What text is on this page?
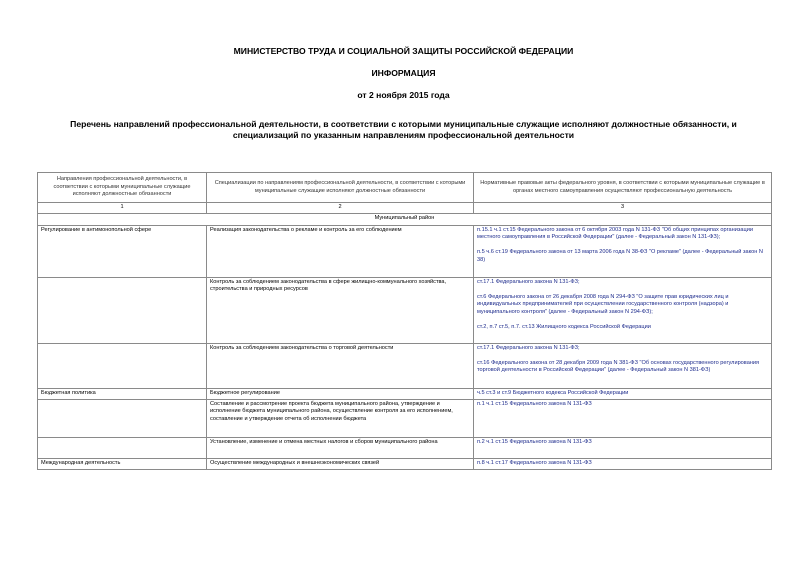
МИНИСТЕРСТВО ТРУДА И СОЦИАЛЬНОЙ ЗАЩИТЫ РОССИЙСКОЙ ФЕДЕРАЦИИ
ИНФОРМАЦИЯ
от 2 ноября 2015 года
Перечень направлений профессиональной деятельности, в соответствии с которыми муниципальные служащие исполняют должностные обязанности, и специализаций по указанным направлениям профессиональной деятельности
Направления профессиональной деятельности, в соответствии с которыми муниципальные служащие исполняют должностные обязанности	Специализации по направлениям профессиональной деятельности, в соответствии с которыми муниципальные служащие исполняют должностные обязанности	Нормативные правовые акты федерального уровня, в соответствии с которыми муниципальные служащие в органах местного самоуправления осуществляют профессиональную деятельность
1	2	3
Муниципальный район		
Регулирование в антимонопольной сфере	Реализация законодательства о рекламе и контроль за его соблюдением	п.15.1 ч.1 ст.15 Федерального закона от 6 октября 2003 года N 131-ФЗ "Об общих принципах организации местного самоуправления в Российской Федерации" (далее - Федеральный закон N 131-ФЗ);
п.5 ч.6 ст.19 Федерального закона от 13 марта 2006 года N 38-ФЗ "О рекламе" (далее - Федеральный закон N 38)

	Контроль за соблюдением законодательства в сфере жилищно-коммунального хозяйства, строительства и природных ресурсов	ст.17.1 Федерального закона N 131-ФЗ;
ст.6 Федерального закона от 26 декабря 2008 года N 294-ФЗ "О защите прав юридических лиц и индивидуальных предпринимателей при осуществлении государственного контроля (надзора) и муниципального контроля" (далее - Федеральный закон N 294-ФЗ);
ст.2, п.7 ст.5, п.7. ст.13 Жилищного кодекса Российской Федерации

	Контроль за соблюдением законодательства о торговой деятельности	ст.17.1 Федерального закона N 131-ФЗ;
ст.16 Федерального закона от 28 декабря 2009 года N 381-ФЗ "Об основах государственного регулирования торговой деятельности в Российской Федерации" (далее - Федеральный закон N 381-ФЗ)

Бюджетная политика	Бюджетное регулирование	ч.5 ст.3 и ст.9 Бюджетного кодекса Российской Федерации

	Составление и рассмотрение проекта бюджета муниципального района, утверждение и исполнение бюджета муниципального района, осуществление контроля за его исполнением, составление и утверждение отчета об исполнении бюджета	п.1 ч.1 ст.15 Федерального закона N 131-ФЗ

	Установление, изменение и отмена местных налогов и сборов муниципального района	п.2 ч.1 ст.15 Федерального закона N 131-ФЗ

Международная деятельность	Осуществление международных и внешнеэкономических связей	п.8 ч.1 ст.17 Федерального закона N 131-ФЗ
